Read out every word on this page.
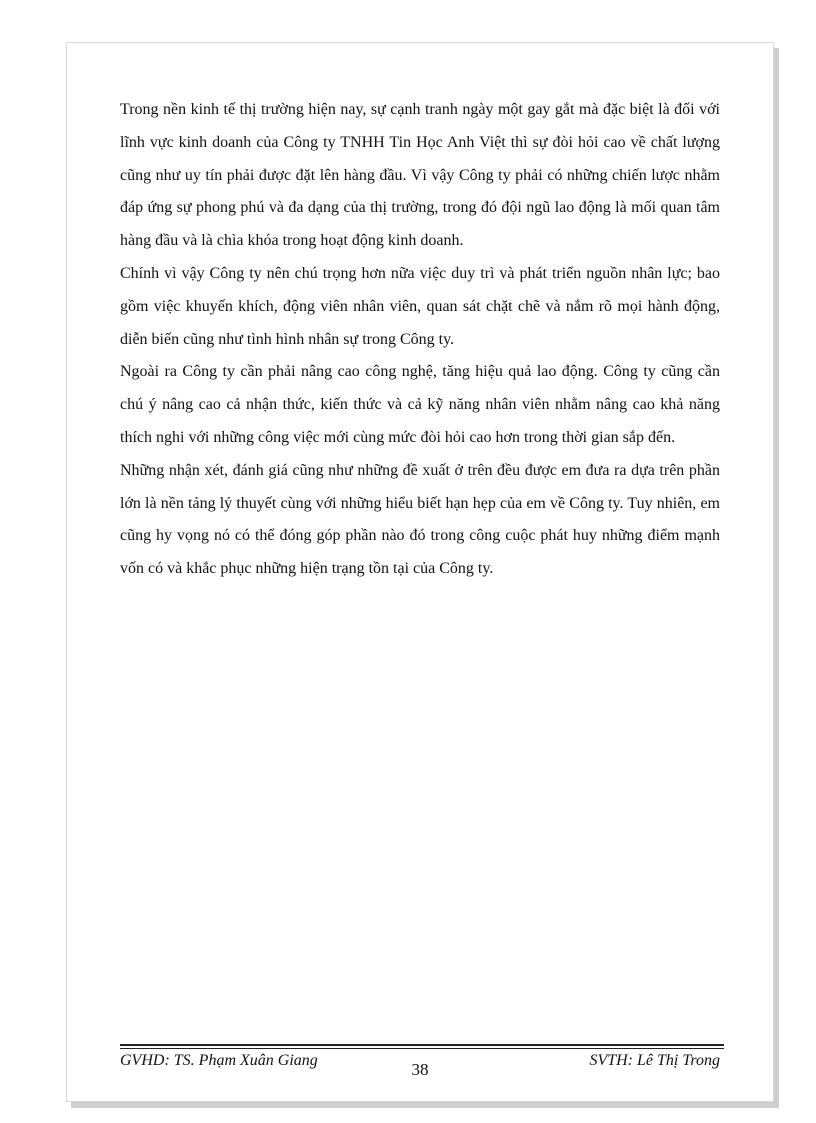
Trong nền kinh tế thị trường hiện nay, sự cạnh tranh ngày một gay gắt mà đặc biệt là đối với lĩnh vực kinh doanh của Công ty TNHH Tin Học Anh Việt thì sự đòi hỏi cao về chất lượng cũng như uy tín phải được đặt lên hàng đầu. Vì vậy Công ty phải có những chiến lược nhằm đáp ứng sự phong phú và đa dạng của thị trường, trong đó đội ngũ lao động là mối quan tâm hàng đầu và là chìa khóa trong hoạt động kinh doanh.

Chính vì vậy Công ty nên chú trọng hơn nữa việc duy trì và phát triển nguồn nhân lực; bao gồm việc khuyến khích, động viên nhân viên, quan sát chặt chẽ và nắm rõ mọi hành động, diễn biến cũng như tình hình nhân sự trong Công ty.

Ngoài ra Công ty cần phải nâng cao công nghệ, tăng hiệu quả lao động. Công ty cũng cần chú ý nâng cao cả nhận thức, kiến thức và cả kỹ năng nhân viên nhằm nâng cao khả năng thích nghi với những công việc mới cùng mức đòi hỏi cao hơn trong thời gian sắp đến.

Những nhận xét, đánh giá cũng như những đề xuất ở trên đều được em đưa ra dựa trên phần lớn là nền tảng lý thuyết cùng với những hiểu biết hạn hẹp của em về Công ty. Tuy nhiên, em cũng hy vọng nó có thể đóng góp phần nào đó trong công cuộc phát huy những điểm mạnh vốn có và khắc phục những hiện trạng tồn tại của Công ty.

GVHD: TS. Phạm Xuân Giang	38	SVTH: Lê Thị Trong
